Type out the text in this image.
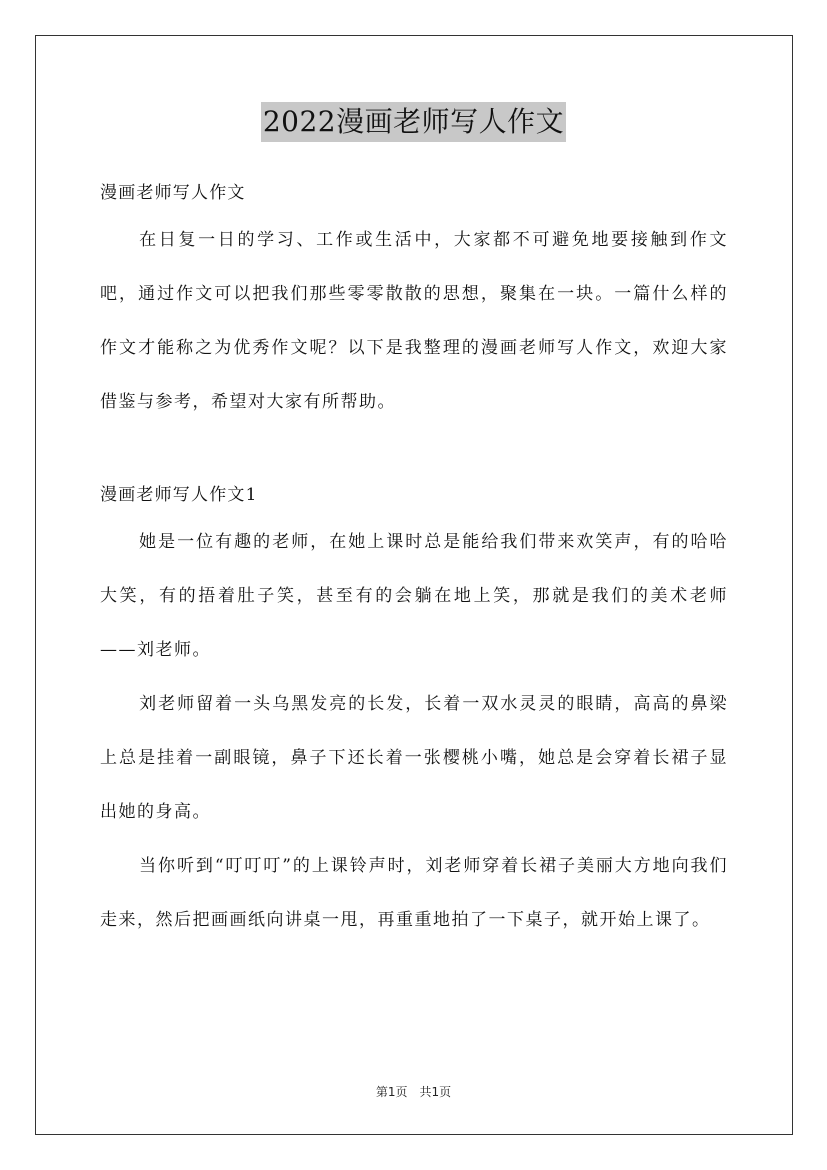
2022漫画老师写人作文

漫画老师写人作文

在日复一日的学习、工作或生活中，大家都不可避免地要接触到作文吧，通过作文可以把我们那些零零散散的思想，聚集在一块。一篇什么样的作文才能称之为优秀作文呢？以下是我整理的漫画老师写人作文，欢迎大家借鉴与参考，希望对大家有所帮助。

漫画老师写人作文1

她是一位有趣的老师，在她上课时总是能给我们带来欢笑声，有的哈哈大笑，有的捂着肚子笑，甚至有的会躺在地上笑，那就是我们的美术老师——刘老师。

刘老师留着一头乌黑发亮的长发，长着一双水灵灵的眼睛，高高的鼻梁上总是挂着一副眼镜，鼻子下还长着一张樱桃小嘴，她总是会穿着长裙子显出她的身高。

当你听到“叮叮叮”的上课铃声时，刘老师穿着长裙子美丽大方地向我们走来，然后把画画纸向讲桌一甩，再重重地拍了一下桌子，就开始上课了。

第1页　共1页
